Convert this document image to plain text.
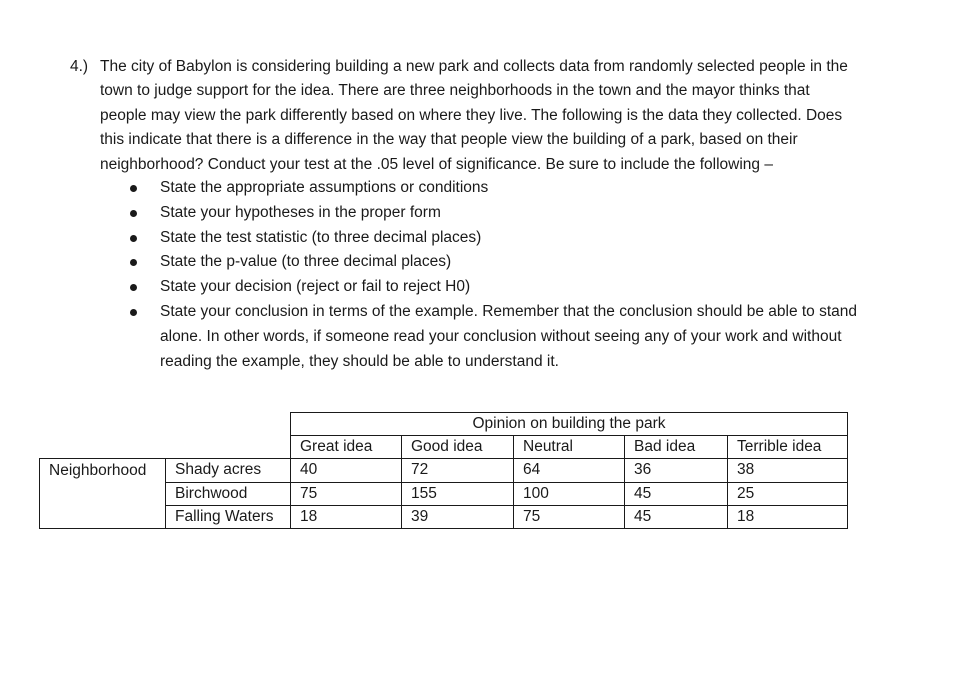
4.) The city of Babylon is considering building a new park and collects data from randomly selected people in the
town to judge support for the idea. There are three neighborhoods in the town and the mayor thinks that
people may view the park differently based on where they live. The following is the data they collected. Does
this indicate that there is a difference in the way that people view the building of a park, based on their
neighborhood? Conduct your test at the .05 level of significance. Be sure to include the following –
State the appropriate assumptions or conditions
State your hypotheses in the proper form
State the test statistic (to three decimal places)
State the p-value (to three decimal places)
State your decision (reject or fail to reject H0)
State your conclusion in terms of the example. Remember that the conclusion should be able to stand
alone. In other words, if someone read your conclusion without seeing any of your work and without
reading the example, they should be able to understand it.
		Opinion on building the park				
		Great idea	Good idea	Neutral	Bad idea	Terrible idea
Neighborhood	Shady acres	40	72	64	36	38
	Birchwood	75	155	100	45	25
	Falling Waters	18	39	75	45	18
